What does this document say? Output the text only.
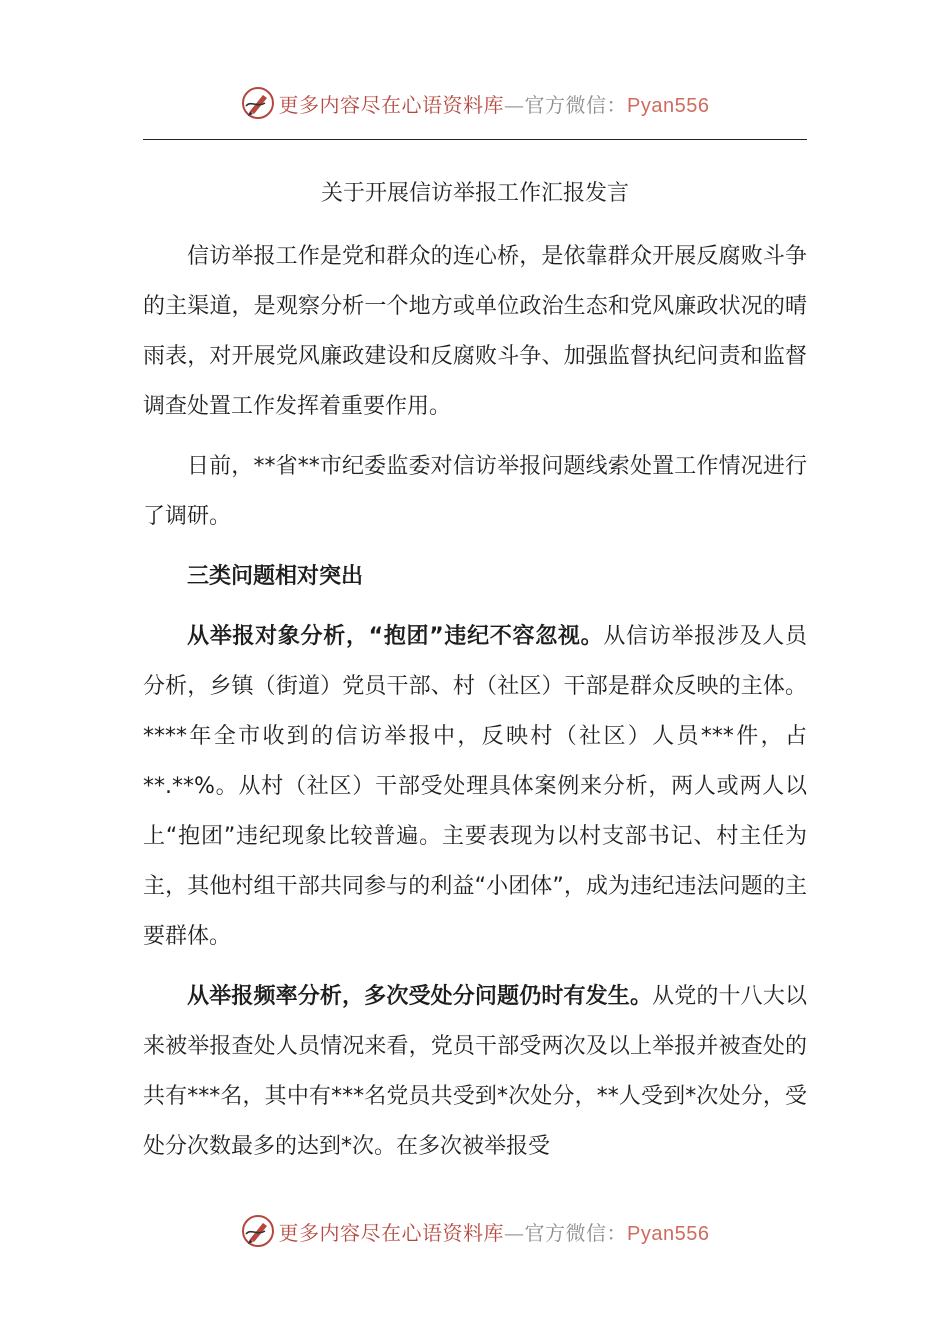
更多内容尽在心语资料库—官方微信：Pyan556
关于开展信访举报工作汇报发言

信访举报工作是党和群众的连心桥，是依靠群众开展反腐败斗争的主渠道，是观察分析一个地方或单位政治生态和党风廉政状况的晴雨表，对开展党风廉政建设和反腐败斗争、加强监督执纪问责和监督调查处置工作发挥着重要作用。

日前，**省**市纪委监委对信访举报问题线索处置工作情况进行了调研。

三类问题相对突出

从举报对象分析，“抱团”违纪不容忽视。从信访举报涉及人员分析，乡镇（街道）党员干部、村（社区）干部是群众反映的主体。****年全市收到的信访举报中，反映村（社区）人员***件，占**.**%。从村（社区）干部受处理具体案例来分析，两人或两人以上“抱团”违纪现象比较普遍。主要表现为以村支部书记、村主任为主，其他村组干部共同参与的利益“小团体”，成为违纪违法问题的主要群体。

从举报频率分析，多次受处分问题仍时有发生。从党的十八大以来被举报查处人员情况来看，党员干部受两次及以上举报并被查处的共有***名，其中有***名党员共受到*次处分，**人受到*次处分，受处分次数最多的达到*次。在多次被举报受

更多内容尽在心语资料库—官方微信：Pyan556
